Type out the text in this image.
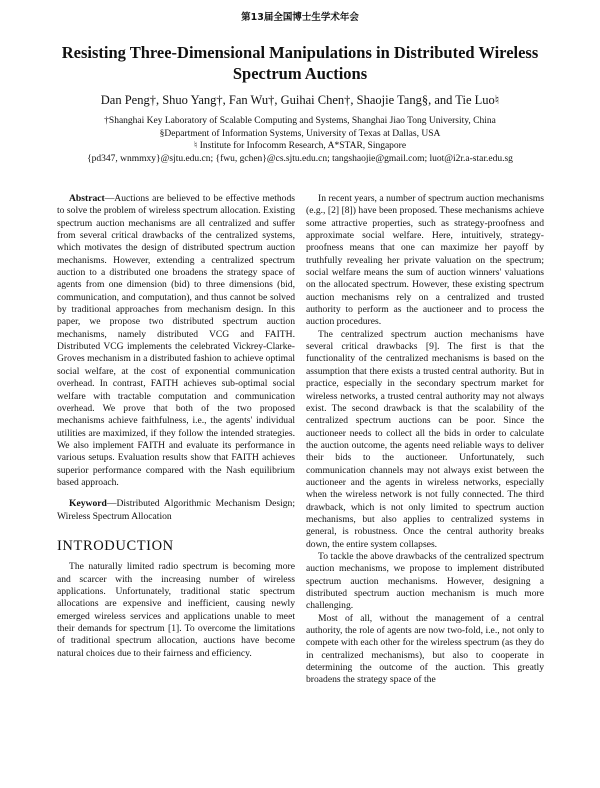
第13届全国博士生学术年会
Resisting Three-Dimensional Manipulations in Distributed Wireless Spectrum Auctions
Dan Peng†, Shuo Yang†, Fan Wu†, Guihai Chen†, Shaojie Tang§, and Tie Luo♮
†Shanghai Key Laboratory of Scalable Computing and Systems, Shanghai Jiao Tong University, China
§Department of Information Systems, University of Texas at Dallas, USA
♮ Institute for Infocomm Research, A*STAR, Singapore
{pd347, wnmmxy}@sjtu.edu.cn; {fwu, gchen}@cs.sjtu.edu.cn; tangshaojie@gmail.com; luot@i2r.a-star.edu.sg

Abstract—Auctions are believed to be effective methods to solve the problem of wireless spectrum allocation. Existing spectrum auction mechanisms are all centralized and suffer from several critical drawbacks of the centralized systems, which motivates the design of distributed spectrum auction mechanisms. However, extending a centralized spectrum auction to a distributed one broadens the strategy space of agents from one dimension (bid) to three dimensions (bid, communication, and computation), and thus cannot be solved by traditional approaches from mechanism design. In this paper, we propose two distributed spectrum auction mechanisms, namely distributed VCG and FAITH. Distributed VCG implements the celebrated Vickrey-Clarke-Groves mechanism in a distributed fashion to achieve optimal social welfare, at the cost of exponential communication overhead. In contrast, FAITH achieves sub-optimal social welfare with tractable computation and communication overhead. We prove that both of the two proposed mechanisms achieve faithfulness, i.e., the agents' individual utilities are maximized, if they follow the intended strategies. We also implement FAITH and evaluate its performance in various setups. Evaluation results show that FAITH achieves superior performance compared with the Nash equilibrium based approach.

Keyword—Distributed Algorithmic Mechanism Design; Wireless Spectrum Allocation

INTRODUCTION

The naturally limited radio spectrum is becoming more and scarcer with the increasing number of wireless applications. Unfortunately, traditional static spectrum allocations are expensive and inefficient, causing newly emerged wireless services and applications unable to meet their demands for spectrum [1]. To overcome the limitations of traditional spectrum allocation, auctions have become natural choices due to their fairness and efficiency.

In recent years, a number of spectrum auction mechanisms (e.g., [2] [8]) have been proposed. These mechanisms achieve some attractive properties, such as strategy-proofness and approximate social welfare. Here, intuitively, strategy-proofness means that one can maximize her payoff by truthfully revealing her private valuation on the spectrum; social welfare means the sum of auction winners' valuations on the allocated spectrum. However, these existing spectrum auction mechanisms rely on a centralized and trusted authority to perform as the auctioneer and to process the auction procedures.

The centralized spectrum auction mechanisms have several critical drawbacks [9]. The first is that the functionality of the centralized mechanisms is based on the assumption that there exists a trusted central authority. But in practice, especially in the secondary spectrum market for wireless networks, a trusted central authority may not always exist. The second drawback is that the scalability of the centralized spectrum auctions can be poor. Since the auctioneer needs to collect all the bids in order to calculate the auction outcome, the agents need reliable ways to deliver their bids to the auctioneer. Unfortunately, such communication channels may not always exist between the auctioneer and the agents in wireless networks, especially when the wireless network is not fully connected. The third drawback, which is not only limited to spectrum auction mechanisms, but also applies to centralized systems in general, is robustness. Once the central authority breaks down, the entire system collapses.

To tackle the above drawbacks of the centralized spectrum auction mechanisms, we propose to implement distributed spectrum auction mechanisms. However, designing a distributed spectrum auction mechanism is much more challenging.

Most of all, without the management of a central authority, the role of agents are now two-fold, i.e., not only to compete with each other for the wireless spectrum (as they do in centralized mechanisms), but also to cooperate in determining the outcome of the auction. This greatly broadens the strategy space of the
